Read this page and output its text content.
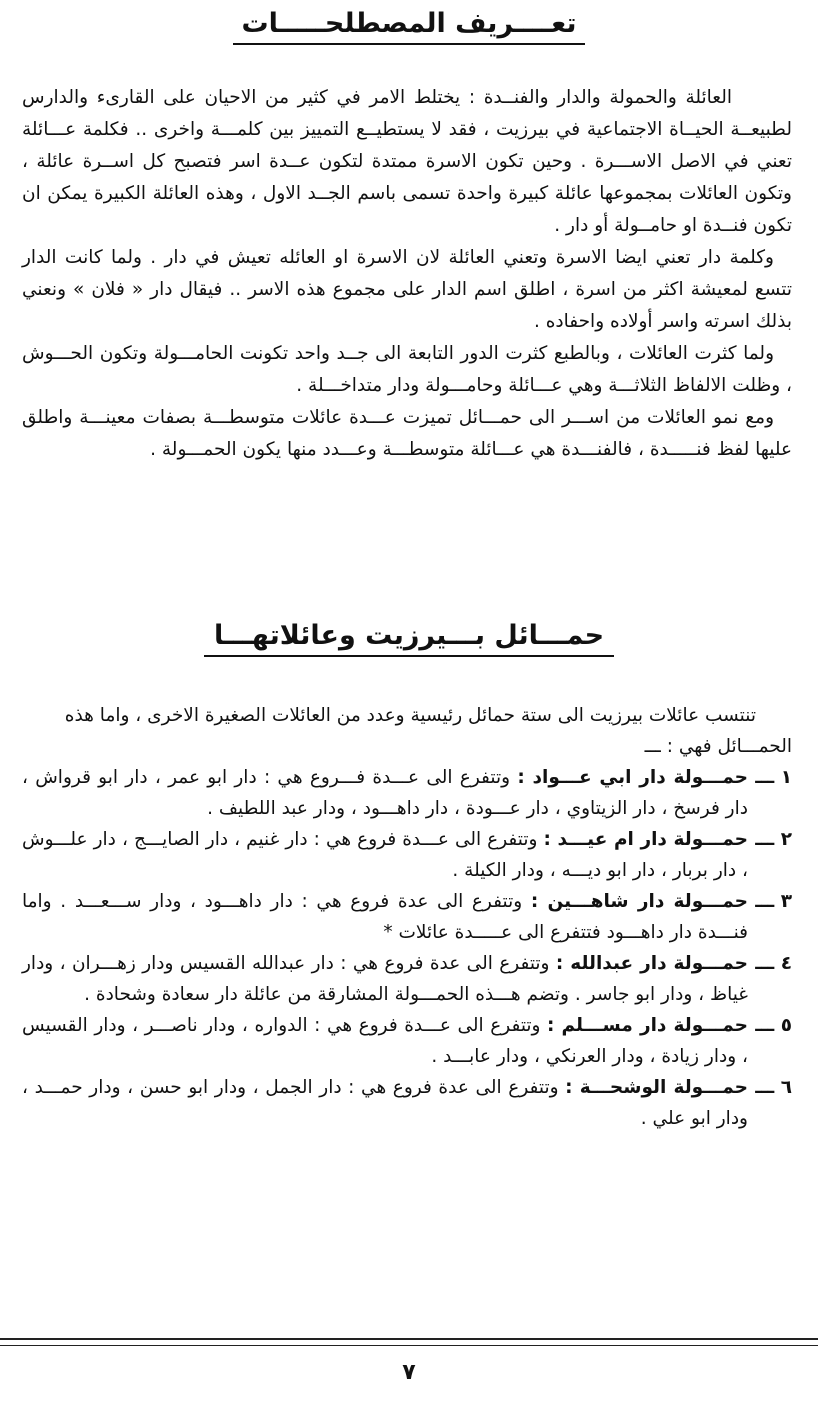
تعــــريف المصطلحـــــات

العائلة والحمولة والدار والفنــدة : يختلط الامر في كثير من الاحيان على القارىء والدارس لطبيعــة الحيــاة الاجتماعية في بيرزيت ، فقد لا يستطيــع التمييز بين كلمـــة واخرى .. فكلمة عـــائلة تعني في الاصل الاســـرة . وحين تكون الاسرة ممتدة لتكون عــدة اسر فتصبح كل اســرة عائلة ، وتكون العائلات بمجموعها عائلة كبيرة واحدة تسمى باسم الجــد الاول ، وهذه العائلة الكبيرة يمكن ان تكون فنــدة او حامــولة أو دار .

وكلمة دار تعني ايضا الاسرة وتعني العائلة لان الاسرة او العائله تعيش في دار . ولما كانت الدار تتسع لمعيشة اكثر من اسرة ، اطلق اسم الدار على مجموع هذه الاسر .. فيقال دار « فلان » ونعني بذلك اسرته واسر أولاده واحفاده .

ولما كثرت العائلات ، وبالطبع كثرت الدور التابعة الى جــد واحد تكونت الحامـــولة وتكون الحـــوش ، وظلت الالفاظ الثلاثـــة وهي عـــائلة وحامـــولة ودار متداخـــلة .

ومع نمو العائلات من اســـر الى حمـــائل تميزت عـــدة عائلات متوسطـــة بصفات معينـــة واطلق عليها لفظ فنـــــدة ، فالفنـــدة هي عـــائلة متوسطـــة وعـــدد منها يكون الحمـــولة .

حمـــائل بـــيرزيت وعائلاتهـــا

تنتسب عائلات بيرزيت الى ستة حمائل رئيسية وعدد من العائلات الصغيرة الاخرى ، واما هذه الحمـــائل فهي : ـــ

١ ـــ
حمـــولة دار ابي عـــواد : وتتفرع الى عـــدة فـــروع هي : دار ابو عمر ، دار ابو قرواش ، دار فرسخ ، دار الزيتاوي ، دار عـــودة ، دار داهـــود ، ودار عبد اللطيف .
٢ ـــ
حمـــولة دار ام عيـــد : وتتفرع الى عـــدة فروع هي : دار غنيم ، دار الصايـــج ، دار علـــوش ، دار بربار ، دار ابو ديـــه ، ودار الكيلة .
٣ ـــ
حمـــولة دار شاهـــين : وتتفرع الى عدة فروع هي : دار داهـــود ، ودار ســـعـــد . واما فنـــدة دار داهـــود فتتفرع الى عـــــدة عائلات *
٤ ـــ
حمـــولة دار عبدالله : وتتفرع الى عدة فروع هي : دار عبدالله القسيس ودار زهـــران ، ودار غياظ ، ودار ابو جاسر . وتضم هـــذه الحمـــولة المشارقة من عائلة دار سعادة وشحادة .
٥ ـــ
حمـــولة دار مســـلم : وتتفرع الى عـــدة فروع هي : الدواره ، ودار ناصـــر ، ودار القسيس ، ودار زيادة ، ودار العرنكي ، ودار عابـــد .
٦ ـــ
حمـــولة الوشحـــة : وتتفرع الى عدة فروع هي : دار الجمل ، ودار ابو حسن ، ودار حمـــد ، ودار ابو علي .
٧
